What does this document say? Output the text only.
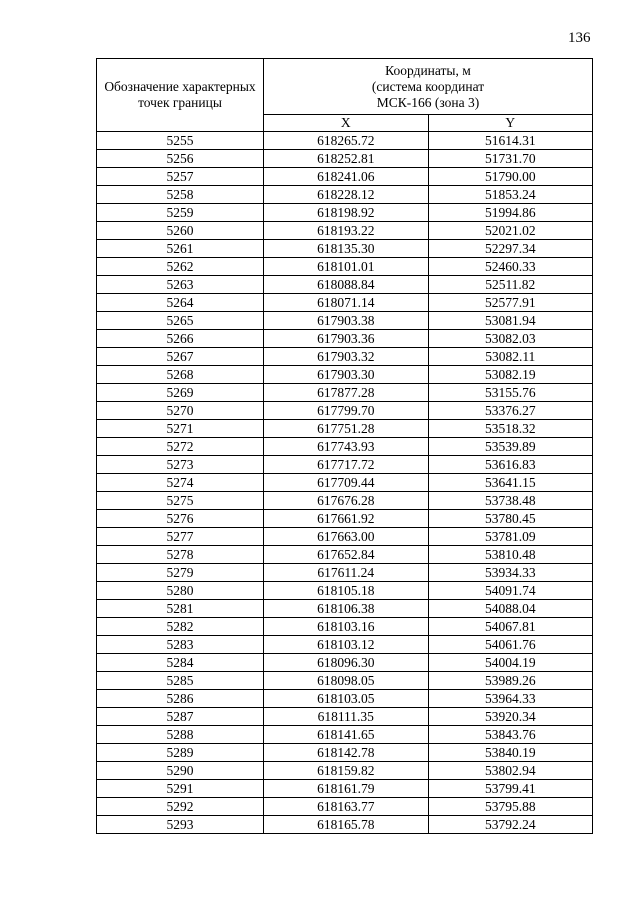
136
Обозначение характерных точек границы	Координаты, м
(система координат
МСК-166 (зона 3)	

	X	Y
5255	618265.72	51614.31
5256	618252.81	51731.70
5257	618241.06	51790.00
5258	618228.12	51853.24
5259	618198.92	51994.86
5260	618193.22	52021.02
5261	618135.30	52297.34
5262	618101.01	52460.33
5263	618088.84	52511.82
5264	618071.14	52577.91
5265	617903.38	53081.94
5266	617903.36	53082.03
5267	617903.32	53082.11
5268	617903.30	53082.19
5269	617877.28	53155.76
5270	617799.70	53376.27
5271	617751.28	53518.32
5272	617743.93	53539.89
5273	617717.72	53616.83
5274	617709.44	53641.15
5275	617676.28	53738.48
5276	617661.92	53780.45
5277	617663.00	53781.09
5278	617652.84	53810.48
5279	617611.24	53934.33
5280	618105.18	54091.74
5281	618106.38	54088.04
5282	618103.16	54067.81
5283	618103.12	54061.76
5284	618096.30	54004.19
5285	618098.05	53989.26
5286	618103.05	53964.33
5287	618111.35	53920.34
5288	618141.65	53843.76
5289	618142.78	53840.19
5290	618159.82	53802.94
5291	618161.79	53799.41
5292	618163.77	53795.88
5293	618165.78	53792.24
